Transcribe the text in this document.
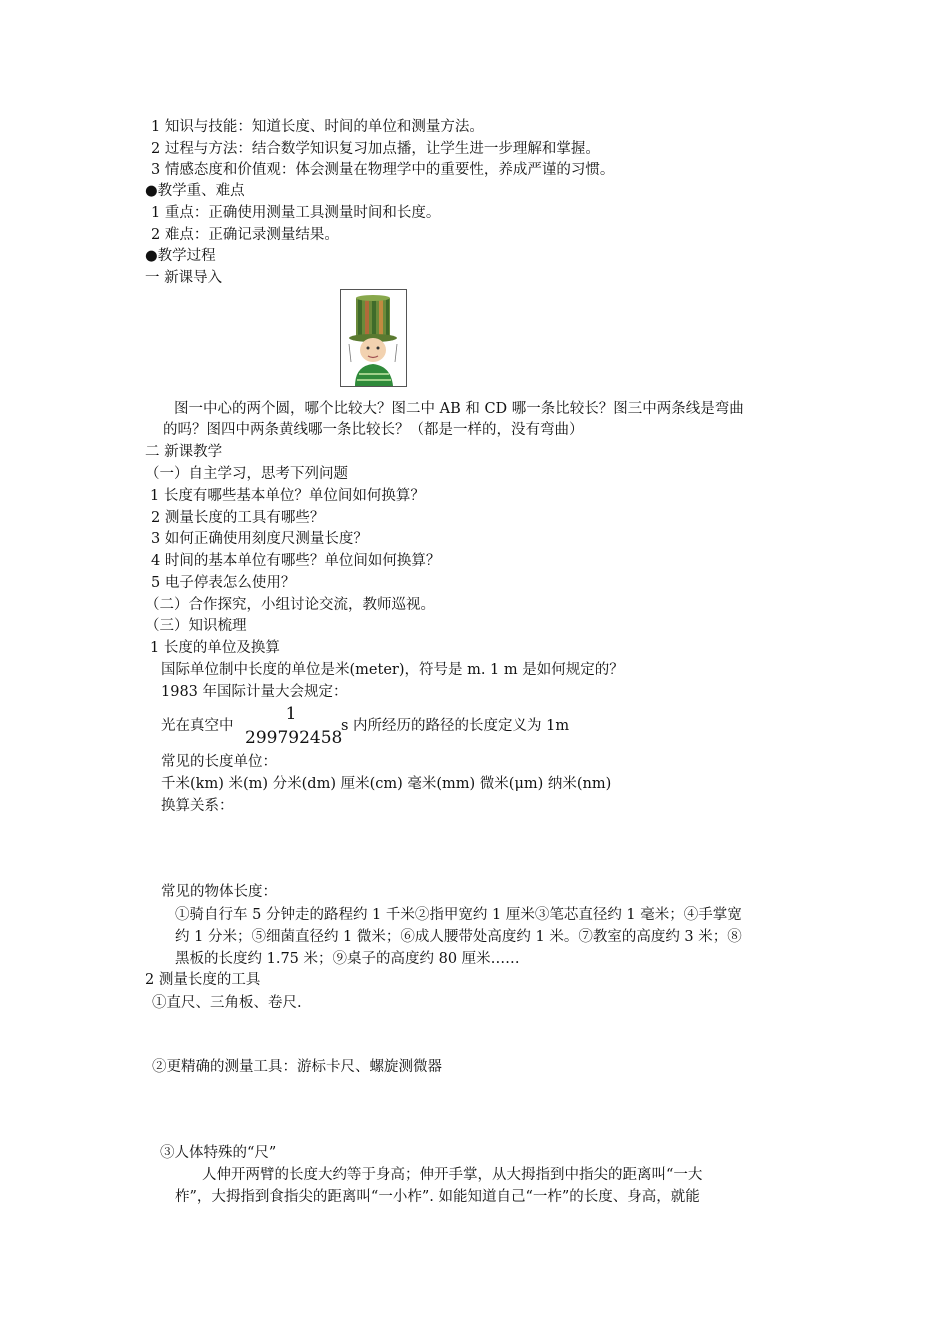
1 知识与技能：知道长度、时间的单位和测量方法。
2 过程与方法：结合数学知识复习加点播，让学生进一步理解和掌握。
3 情感态度和价值观：体会测量在物理学中的重要性，养成严谨的习惯。
●教学重、难点
1 重点：正确使用测量工具测量时间和长度。
2 难点：正确记录测量结果。
●教学过程
一 新课导入
图一中心的两个圆，哪个比较大？图二中 AB 和 CD 哪一条比较长？图三中两条线是弯曲
的吗？图四中两条黄线哪一条比较长？（都是一样的，没有弯曲）
二 新课教学
（一）自主学习，思考下列问题
1 长度有哪些基本单位？单位间如何换算？
2 测量长度的工具有哪些？
3 如何正确使用刻度尺测量长度？
4 时间的基本单位有哪些？单位间如何换算？
5 电子停表怎么使用？
（二）合作探究，小组讨论交流，教师巡视。
（三）知识梳理
1 长度的单位及换算
国际单位制中长度的单位是米(meter)，符号是 m. 1 m 是如何规定的？
1983 年国际计量大会规定：
光在真空中
1
299792458
s 内所经历的路径的长度定义为 1m
常见的长度单位：
千米(km) 米(m) 分米(dm) 厘米(cm) 毫米(mm) 微米(μm) 纳米(nm)
换算关系：
常见的物体长度：
①骑自行车 5 分钟走的路程约 1 千米②指甲宽约 1 厘米③笔芯直径约 1 毫米；④手掌宽
约 1 分米；⑤细菌直径约 1 微米；⑥成人腰带处高度约 1 米。⑦教室的高度约 3 米；⑧
黑板的长度约 1.75 米；⑨桌子的高度约 80 厘米……
2 测量长度的工具
①直尺、三角板、卷尺.
②更精确的测量工具：游标卡尺、螺旋测微器
③人体特殊的“尺”
人伸开两臂的长度大约等于身高；伸开手掌，从大拇指到中指尖的距离叫“一大
柞”，大拇指到食指尖的距离叫“一小柞”. 如能知道自己“一柞”的长度、身高，就能
